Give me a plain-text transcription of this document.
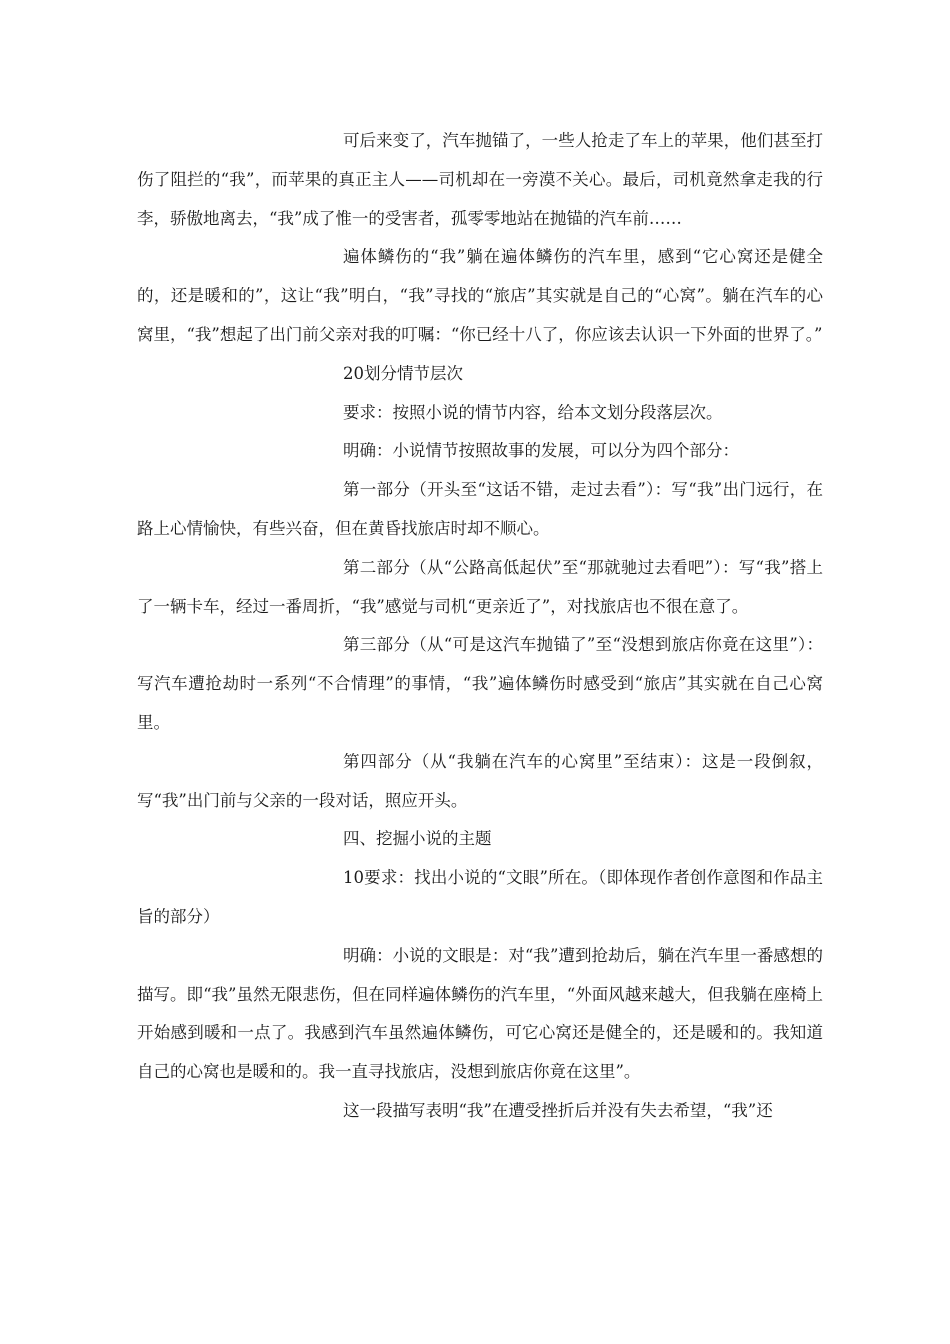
可后来变了，汽车抛锚了，一些人抢走了车上的苹果，他们甚至打伤了阻拦的“我”，而苹果的真正主人——司机却在一旁漠不关心。最后，司机竟然拿走我的行李，骄傲地离去，“我”成了惟一的受害者，孤零零地站在抛锚的汽车前……

遍体鳞伤的“我”躺在遍体鳞伤的汽车里，感到“它心窝还是健全的，还是暖和的”，这让“我”明白，“我”寻找的“旅店”其实就是自己的“心窝”。躺在汽车的心窝里，“我”想起了出门前父亲对我的叮嘱：“你已经十八了，你应该去认识一下外面的世界了。”

20划分情节层次

要求：按照小说的情节内容，给本文划分段落层次。

明确：小说情节按照故事的发展，可以分为四个部分：

第一部分（开头至“这话不错，走过去看”）：写“我”出门远行，在路上心情愉快，有些兴奋，但在黄昏找旅店时却不顺心。

第二部分（从“公路高低起伏”至“那就驰过去看吧”）：写“我”搭上了一辆卡车，经过一番周折，“我”感觉与司机“更亲近了”，对找旅店也不很在意了。

第三部分（从“可是这汽车抛锚了”至“没想到旅店你竟在这里”）：写汽车遭抢劫时一系列“不合情理”的事情，“我”遍体鳞伤时感受到“旅店”其实就在自己心窝里。

第四部分（从“我躺在汽车的心窝里”至结束）：这是一段倒叙，写“我”出门前与父亲的一段对话，照应开头。

四、挖掘小说的主题

10要求：找出小说的“文眼”所在。（即体现作者创作意图和作品主旨的部分）

明确：小说的文眼是：对“我”遭到抢劫后，躺在汽车里一番感想的描写。即“我”虽然无限悲伤，但在同样遍体鳞伤的汽车里，“外面风越来越大，但我躺在座椅上开始感到暖和一点了。我感到汽车虽然遍体鳞伤，可它心窝还是健全的，还是暖和的。我知道自己的心窝也是暖和的。我一直寻找旅店，没想到旅店你竟在这里”。

这一段描写表明“我”在遭受挫折后并没有失去希望，“我”还
